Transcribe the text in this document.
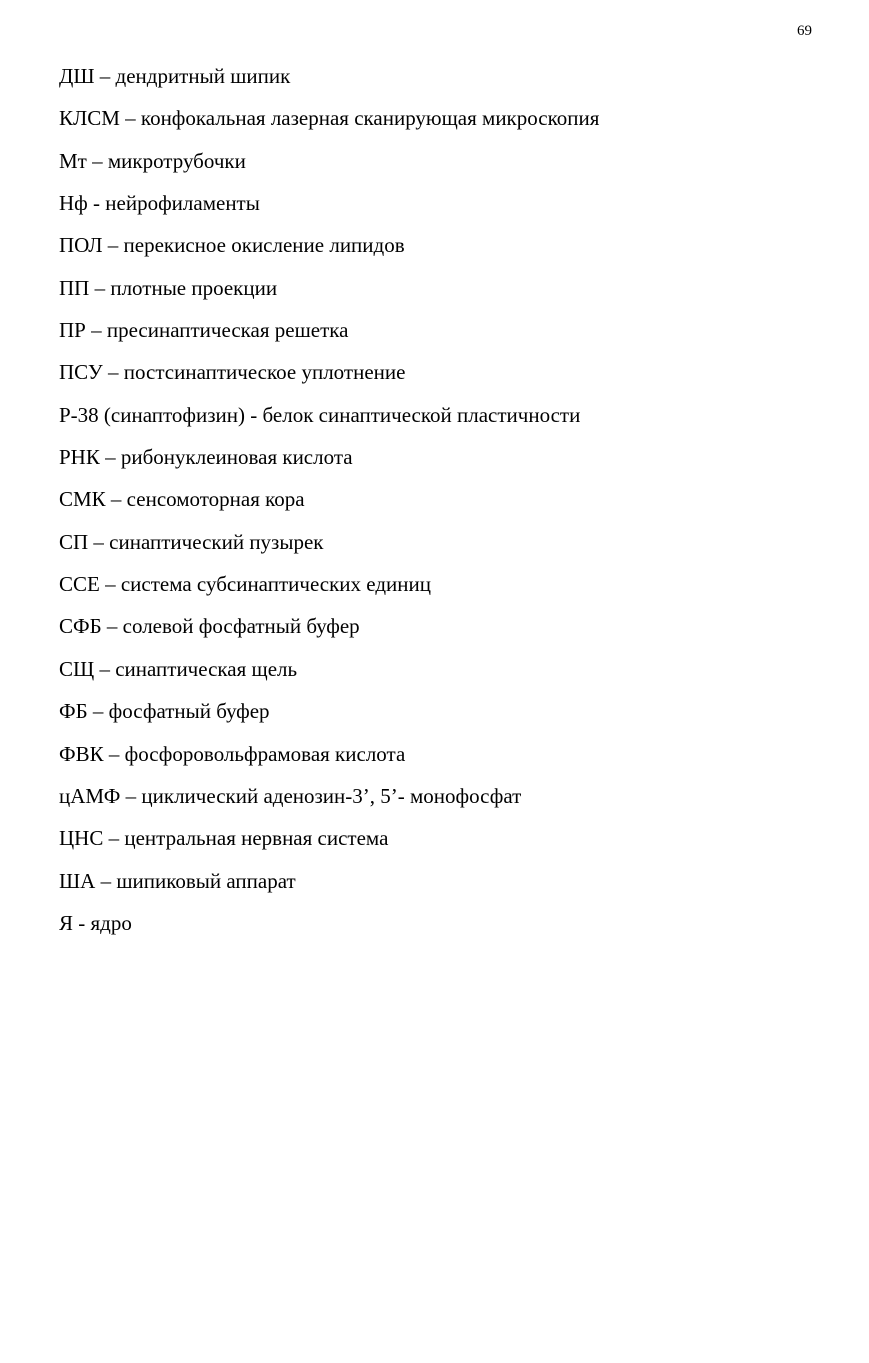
69
ДШ – дендритный шипик
КЛСМ – конфокальная лазерная сканирующая микроскопия
Мт – микротрубочки
Нф - нейрофиламенты
ПОЛ – перекисное окисление липидов
ПП – плотные проекции
ПР – пресинаптическая решетка
ПСУ – постсинаптическое уплотнение
Р-38 (синаптофизин) - белок синаптической пластичности
РНК – рибонуклеиновая кислота
СМК – сенсомоторная кора
СП – синаптический пузырек
ССЕ – система субсинаптических единиц
СФБ – солевой фосфатный буфер
СЩ – синаптическая щель
ФБ – фосфатный буфер
ФВК – фосфоровольфрамовая кислота
цАМФ – циклический аденозин-3’, 5’- монофосфат
ЦНС – центральная нервная система
ША – шипиковый аппарат
Я - ядро
